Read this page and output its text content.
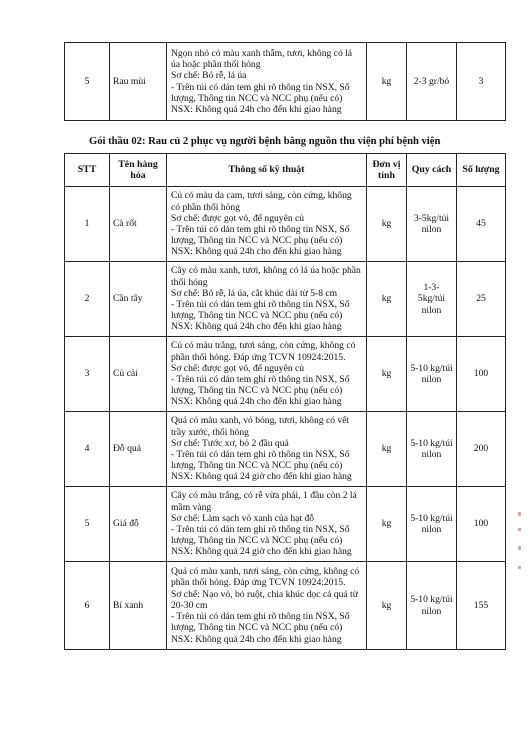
5	Rau mùi	
Ngọn nhỏ có màu xanh thẫm, tươi, không có lá úa hoặc phần thối hỏng
Sơ chế: Bỏ rễ, lá úa
- Trên túi có dán tem ghi rõ thông tin NSX, Số lượng, Thông tin NCC và NCC phụ (nếu có)
NSX: Không quá 24h cho đến khi giao hàng
	kg	2-3 gr/bó	3
Gói thầu 02: Rau củ 2 phục vụ người bệnh bằng nguồn thu viện phí bệnh viện
STT	Tên hàng hóa	Thông số kỹ thuật	Đơn vị tính	Quy cách	Số lượng
1	Cà rốt	Củ có màu da cam, tươi sáng, còn cứng, không có phần thối hỏng
Sơ chế: được gọt vỏ, để nguyên củ
- Trên túi có dán tem ghi rõ thông tin NSX, Số lượng, Thông tin NCC và NCC phụ (nếu có)
NSX: Không quá 24h cho đến khi giao hàng	kg	3-5kg/túi nilon	45
2	Cần tây	Cây có màu xanh, tươi, không có lá úa hoặc phần thối hỏng
Sơ chế: Bỏ rễ, lá úa, cắt khúc dài từ 5-8 cm
- Trên túi có dán tem ghi rõ thông tin NSX, Số lượng, Thông tin NCC và NCC phụ (nếu có)
NSX: Không quá 24h cho đến khi giao hàng	kg	1-3-5kg/túi nilon	25
3	Củ cải	Củ có màu trắng, tươi sáng, còn cứng, không có phần thối hỏng. Đáp ứng TCVN 10924:2015.
Sơ chế: được gọt vỏ, để nguyên củ
- Trên túi có dán tem ghi rõ thông tin NSX, Số lượng, Thông tin NCC và NCC phụ (nếu có)
NSX: Không quá 24h cho đến khi giao hàng	kg	5-10 kg/túi nilon	100
4	Đỗ quả	Quả có màu xanh, vỏ bóng, tươi, không có vết trầy xước, thối hỏng
Sơ chế: Tước xơ, bỏ 2 đầu quả
- Trên túi có dán tem ghi rõ thông tin NSX, Số lượng, Thông tin NCC và NCC phụ (nếu có)
NSX: Không quá 24 giờ cho đến khi giao hàng	kg	5-10 kg/túi nilon	200
5	Giá đỗ	Cây có màu trắng, có rễ vừa phải, 1 đầu còn 2 lá mầm vàng
Sơ chế: Làm sạch vỏ xanh của hạt đỗ
- Trên túi có dán tem ghi rõ thông tin NSX, Số lượng, Thông tin NCC và NCC phụ (nếu có)
NSX: Không quá 24 giờ cho đến khi giao hàng	kg	5-10 kg/túi nilon	100
6	Bí xanh	Quả có màu xanh, tươi sáng, còn cứng, không có phần thối hỏng. Đáp ứng TCVN 10924:2015.
Sơ chế: Nạo vỏ, bỏ ruột, chia khúc dọc cả quả từ 20-30 cm
- Trên túi có dán tem ghi rõ thông tin NSX, Số lượng, Thông tin NCC và NCC phụ (nếu có)
NSX: Không quá 24h cho đến khi giao hàng	kg	5-10 kg/túi nilon	155
